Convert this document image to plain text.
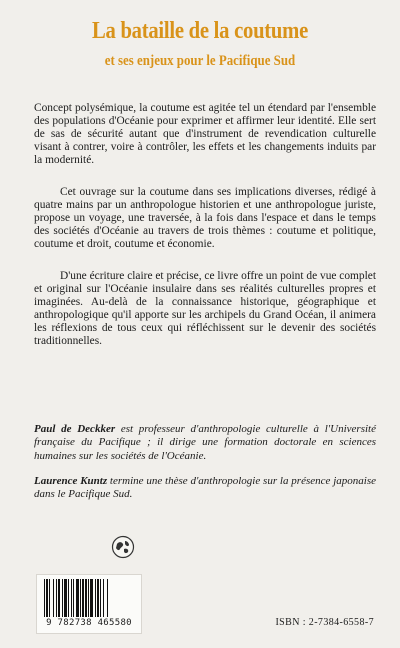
La bataille de la coutume
et ses enjeux pour le Pacifique Sud
Concept polysémique, la coutume est agitée tel un étendard par l'ensemble des populations d'Océanie pour exprimer et affirmer leur identité. Elle sert de sas de sécurité autant que d'instrument de revendication culturelle visant à contrer, voire à contrôler, les effets et les changements induits par la modernité.
Cet ouvrage sur la coutume dans ses implications diverses, rédigé à quatre mains par un anthropologue historien et une anthropologue juriste, propose un voyage, une traversée, à la fois dans l'espace et dans le temps des sociétés d'Océanie au travers de trois thèmes : coutume et politique, coutume et droit, coutume et économie.
D'une écriture claire et précise, ce livre offre un point de vue complet et original sur l'Océanie insulaire dans ses réalités culturelles propres et imaginées. Au-delà de la connaissance historique, géographique et anthropologique qu'il apporte sur les archipels du Grand Océan, il animera les réflexions de tous ceux qui réfléchissent sur le devenir des sociétés traditionnelles.
Paul de Deckker est professeur d'anthropologie culturelle à l'Université française du Pacifique ; il dirige une formation doctorale en sciences humaines sur les sociétés de l'Océanie.
Laurence Kuntz termine une thèse d'anthropologie sur la présence japonaise dans le Pacifique Sud.
9 782738 465580	ISBN : 2-7384-6558-7
